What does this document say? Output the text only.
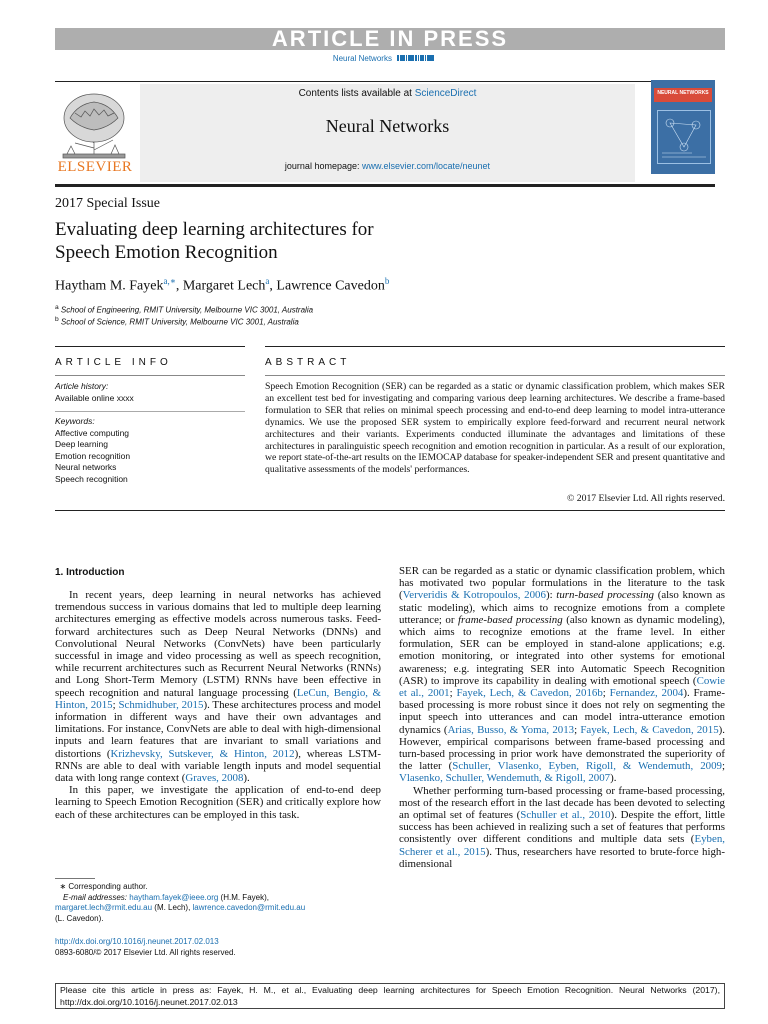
ARTICLE IN PRESS
Neural Networks
ELSEVIER
Contents lists available at ScienceDirect
Neural Networks
journal homepage: www.elsevier.com/locate/neunet
NEURAL NETWORKS
2017 Special Issue
Evaluating deep learning architectures for
Speech Emotion Recognition
Haytham M. Fayek$^{a,∗}$, Margaret Lech$^a$, Lawrence Cavedon$^b$
$^a$ School of Engineering, RMIT University, Melbourne VIC 3001, Australia
$^b$ School of Science, RMIT University, Melbourne VIC 3001, Australia
ARTICLE INFO	ABSTRACT
Article history:
Available online xxxx
Keywords:
Affective computing
Deep learning
Emotion recognition
Neural networks
Speech recognition
Speech Emotion Recognition (SER) can be regarded as a static or dynamic classification problem, which makes SER an excellent test bed for investigating and comparing various deep learning architectures. We describe a frame-based formulation to SER that relies on minimal speech processing and end-to-end deep learning to model intra-utterance dynamics. We use the proposed SER system to empirically explore feed-forward and recurrent neural network architectures and their variants. Experiments conducted illuminate the advantages and limitations of these architectures in paralinguistic speech recognition and emotion recognition in particular. As a result of our exploration, we report state-of-the-art results on the IEMOCAP database for speaker-independent SER and present quantitative and qualitative assessments of the models' performances.
© 2017 Elsevier Ltd. All rights reserved.
1. Introduction

In recent years, deep learning in neural networks has achieved tremendous success in various domains that led to multiple deep learning architectures emerging as effective models across numerous tasks. Feed-forward architectures such as Deep Neural Networks (DNNs) and Convolutional Neural Networks (ConvNets) have been particularly successful in image and video processing as well as speech recognition, while recurrent architectures such as Recurrent Neural Networks (RNNs) and Long Short-Term Memory (LSTM) RNNs have been effective in speech recognition and natural language processing (LeCun, Bengio, & Hinton, 2015; Schmidhuber, 2015). These architectures process and model information in different ways and have their own advantages and limitations. For instance, ConvNets are able to deal with high-dimensional inputs and learn features that are invariant to small variations and distortions (Krizhevsky, Sutskever, & Hinton, 2012), whereas LSTM-RNNs are able to deal with variable length inputs and model sequential data with long range context (Graves, 2008).

In this paper, we investigate the application of end-to-end deep learning to Speech Emotion Recognition (SER) and critically explore how each of these architectures can be employed in this task.

SER can be regarded as a static or dynamic classification problem, which has motivated two popular formulations in the literature to the task (Ververidis & Kotropoulos, 2006): turn-based processing (also known as static modeling), which aims to recognize emotions from a complete utterance; or frame-based processing (also known as dynamic modeling), which aims to recognize emotions at the frame level. In either formulation, SER can be employed in stand-alone applications; e.g. emotion monitoring, or integrated into other systems for emotional awareness; e.g. integrating SER into Automatic Speech Recognition (ASR) to improve its capability in dealing with emotional speech (Cowie et al., 2001; Fayek, Lech, & Cavedon, 2016b; Fernandez, 2004). Frame-based processing is more robust since it does not rely on segmenting the input speech into utterances and can model intra-utterance emotion dynamics (Arias, Busso, & Yoma, 2013; Fayek, Lech, & Cavedon, 2015). However, empirical comparisons between frame-based processing and turn-based processing in prior work have demonstrated the superiority of the latter (Schuller, Vlasenko, Eyben, Rigoll, & Wendemuth, 2009; Vlasenko, Schuller, Wendemuth, & Rigoll, 2007).

Whether performing turn-based processing or frame-based processing, most of the research effort in the last decade has been devoted to selecting an optimal set of features (Schuller et al., 2010). Despite the effort, little success has been achieved in realizing such a set of features that performs consistently over different conditions and multiple data sets (Eyben, Scherer et al., 2015). Thus, researchers have resorted to brute-force high-dimensional

∗ Corresponding author.
E-mail addresses: haytham.fayek@ieee.org (H.M. Fayek),
margaret.lech@rmit.edu.au (M. Lech), lawrence.cavedon@rmit.edu.au
(L. Cavedon).
http://dx.doi.org/10.1016/j.neunet.2017.02.013
0893-6080/© 2017 Elsevier Ltd. All rights reserved.
Please cite this article in press as: Fayek, H. M., et al., Evaluating deep learning architectures for Speech Emotion Recognition. Neural Networks (2017), http://dx.doi.org/10.1016/j.neunet.2017.02.013
